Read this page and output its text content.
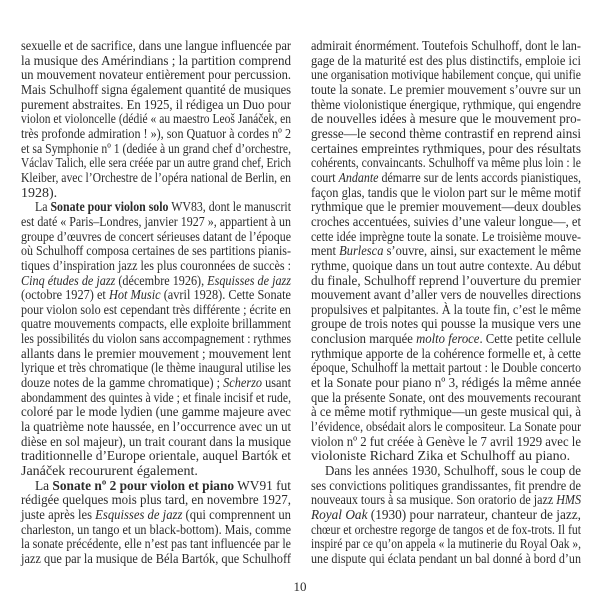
sexuelle et de sacrifice, dans une langue influencée par
la musique des Amérindians ; la partition comprend
un mouvement novateur entièrement pour percussion.
Mais Schulhoff signa également quantité de musiques
purement abstraites. En 1925, il rédigea un Duo pour
violon et violoncelle (dédié « au maestro Leoš Janáček, en
très profonde admiration ! »), son Quatuor à cordes nº 2
et sa Symphonie nº 1 (dediée à un grand chef d’orchestre,
Václav Talich, elle sera créée par un autre grand chef, Erich
Kleiber, avec l’Orchestre de l’opéra national de Berlin, en
1928).
La Sonate pour violon solo WV83, dont le manuscrit
est daté « Paris–Londres, janvier 1927 », appartient à un
groupe d’œuvres de concert sérieuses datant de l’époque
où Schulhoff composa certaines de ses partitions pianis-
tiques d’inspiration jazz les plus couronnées de succès :
Cinq études de jazz (décembre 1926), Esquisses de jazz
(octobre 1927) et Hot Music (avril 1928). Cette Sonate
pour violon solo est cependant très différente ; écrite en
quatre mouvements compacts, elle exploite brillamment
les possibilités du violon sans accompagnement : rythmes
allants dans le premier mouvement ; mouvement lent
lyrique et très chromatique (le thème inaugural utilise les
douze notes de la gamme chromatique) ; Scherzo usant
abondamment des quintes à vide ; et finale incisif et rude,
coloré par le mode lydien (une gamme majeure avec
la quatrième note haussée, en l’occurrence avec un ut
dièse en sol majeur), un trait courant dans la musique
traditionnelle d’Europe orientale, auquel Bartók et
Janáček recoururent également.
La Sonate nº 2 pour violon et piano WV91 fut
rédigée quelques mois plus tard, en novembre 1927,
juste après les Esquisses de jazz (qui comprennent un
charleston, un tango et un black-bottom). Mais, comme
la sonate précédente, elle n’est pas tant influencée par le
jazz que par la musique de Béla Bartók, que Schulhoff
admirait énormément. Toutefois Schulhoff, dont le lan-
gage de la maturité est des plus distinctifs, emploie ici
une organisation motivique habilement conçue, qui unifie
toute la sonate. Le premier mouvement s’ouvre sur un
thème violonistique énergique, rythmique, qui engendre
de nouvelles idées à mesure que le mouvement pro-
gresse—le second thème contrastif en reprend ainsi
certaines empreintes rythmiques, pour des résultats
cohérents, convaincants. Schulhoff va même plus loin : le
court Andante démarre sur de lents accords pianistiques,
façon glas, tandis que le violon part sur le même motif
rythmique que le premier mouvement—deux doubles
croches accentuées, suivies d’une valeur longue—, et
cette idée imprègne toute la sonate. Le troisième mouve-
ment Burlesca s’ouvre, ainsi, sur exactement le même
rythme, quoique dans un tout autre contexte. Au début
du finale, Schulhoff reprend l’ouverture du premier
mouvement avant d’aller vers de nouvelles directions
propulsives et palpitantes. À la toute fin, c’est le même
groupe de trois notes qui pousse la musique vers une
conclusion marquée molto feroce. Cette petite cellule
rythmique apporte de la cohérence formelle et, à cette
époque, Schulhoff la mettait partout : le Double concerto
et la Sonate pour piano nº 3, rédigés la même année
que la présente Sonate, ont des mouvements recourant
à ce même motif rythmique—un geste musical qui, à
l’évidence, obsédait alors le compositeur. La Sonate pour
violon nº 2 fut créée à Genève le 7 avril 1929 avec le
violoniste Richard Zika et Schulhoff au piano.
Dans les années 1930, Schulhoff, sous le coup de
ses convictions politiques grandissantes, fit prendre de
nouveaux tours à sa musique. Son oratorio de jazz HMS
Royal Oak (1930) pour narrateur, chanteur de jazz,
chœur et orchestre regorge de tangos et de fox-trots. Il fut
inspiré par ce qu’on appela « la mutinerie du Royal Oak »,
une dispute qui éclata pendant un bal donné à bord d’un
10
